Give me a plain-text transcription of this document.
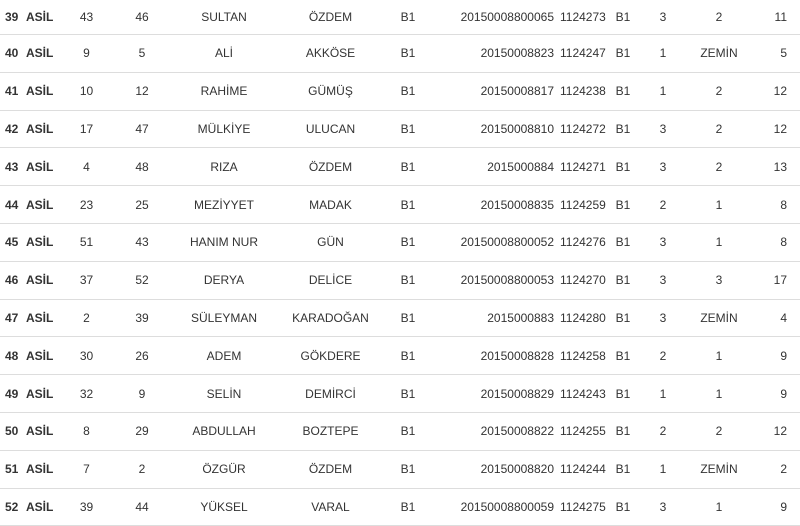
39	ASİL	43	46	SULTAN	ÖZDEM	B1	20150008800065	1124273	B1	3	2	11
40	ASİL	9	5	ALİ	AKKÖSE	B1	20150008823	1124247	B1	1	ZEMİN	5
41	ASİL	10	12	RAHİME	GÜMÜŞ	B1	20150008817	1124238	B1	1	2	12
42	ASİL	17	47	MÜLKİYE	ULUCAN	B1	20150008810	1124272	B1	3	2	12
43	ASİL	4	48	RIZA	ÖZDEM	B1	2015000884	1124271	B1	3	2	13
44	ASİL	23	25	MEZİYYET	MADAK	B1	20150008835	1124259	B1	2	1	8
45	ASİL	51	43	HANIM NUR	GÜN	B1	20150008800052	1124276	B1	3	1	8
46	ASİL	37	52	DERYA	DELİCE	B1	20150008800053	1124270	B1	3	3	17
47	ASİL	2	39	SÜLEYMAN	KARADOĞAN	B1	2015000883	1124280	B1	3	ZEMİN	4
48	ASİL	30	26	ADEM	GÖKDERE	B1	20150008828	1124258	B1	2	1	9
49	ASİL	32	9	SELİN	DEMİRCİ	B1	20150008829	1124243	B1	1	1	9
50	ASİL	8	29	ABDULLAH	BOZTEPE	B1	20150008822	1124255	B1	2	2	12
51	ASİL	7	2	ÖZGÜR	ÖZDEM	B1	20150008820	1124244	B1	1	ZEMİN	2
52	ASİL	39	44	YÜKSEL	VARAL	B1	20150008800059	1124275	B1	3	1	9
